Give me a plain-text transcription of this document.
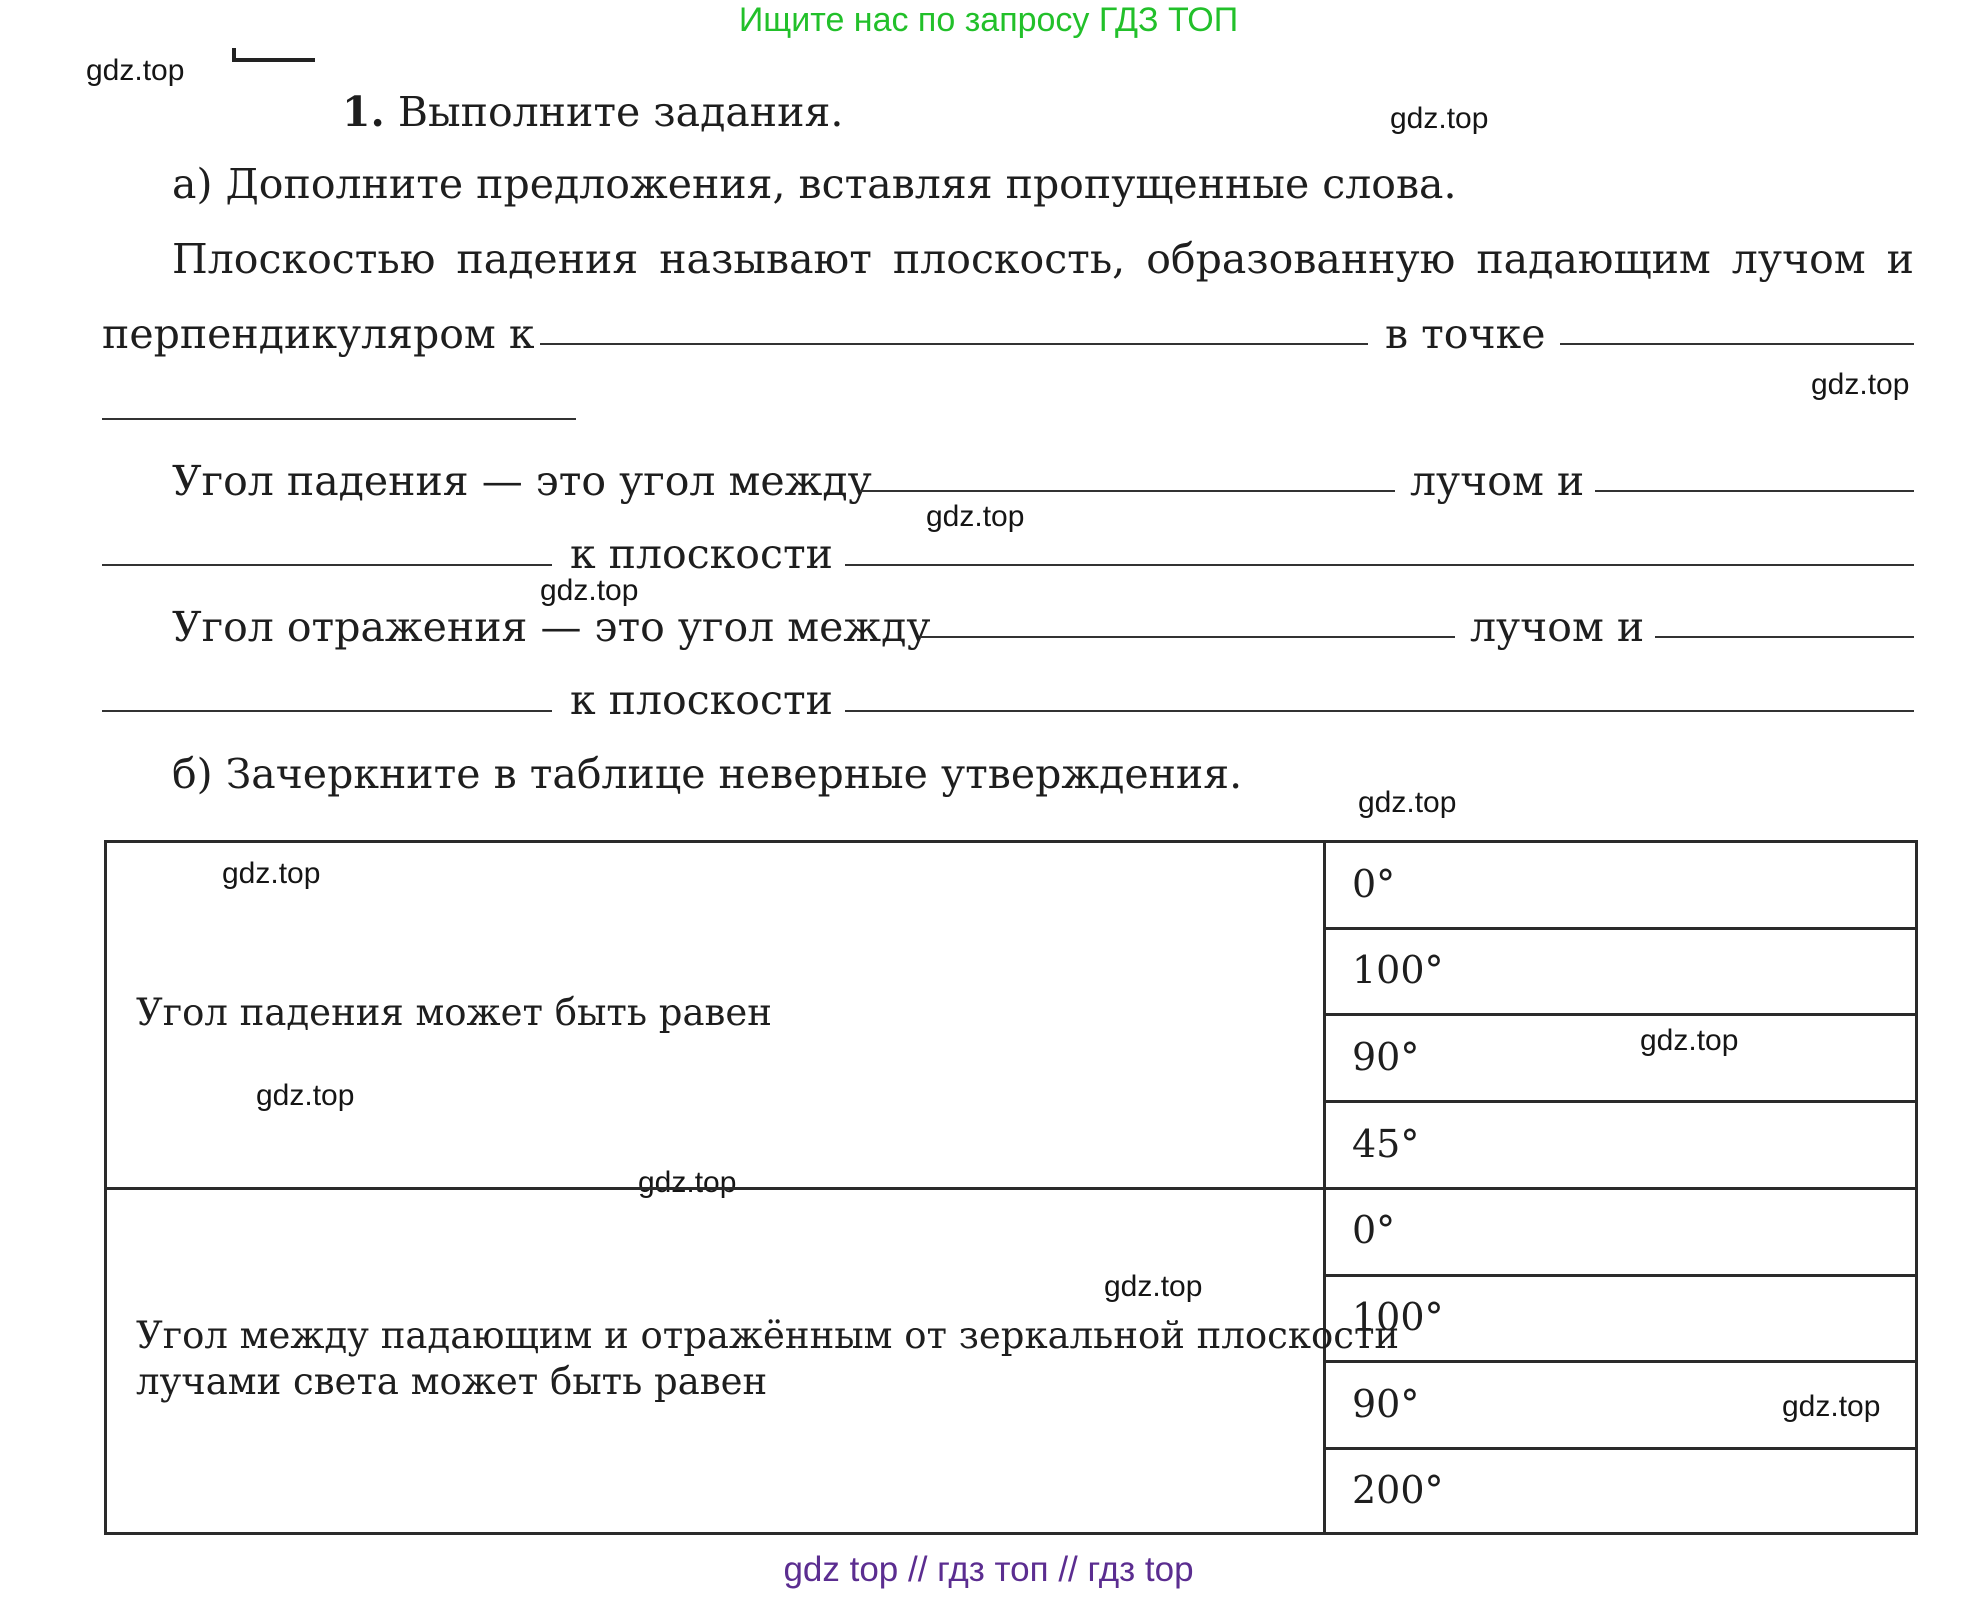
Ищите нас по запросу ГДЗ ТОП
gdz.top
gdz.top
gdz.top
gdz.top
gdz.top
gdz.top
gdz.top
gdz.top
gdz.top
gdz.top
gdz.top
gdz.top
1. Выполните задания.
а) Дополните предложения, вставляя пропущенные слова.
Плоскостью падения называют плоскость, образованную падающим лучом и
перпендикуляром к	в точке
Угол падения — это угол между	лучом и
к плоскости
Угол отражения — это угол между	лучом и
к плоскости
б) Зачеркните в таблице неверные утверждения.
Угол падения может быть равен
0°
100°
90°
45°
Угол между падающим и отражённым от зеркальной плоскости
лучами света может быть равен
0°
100°
90°
200°
gdz top // гдз топ // гдз top
